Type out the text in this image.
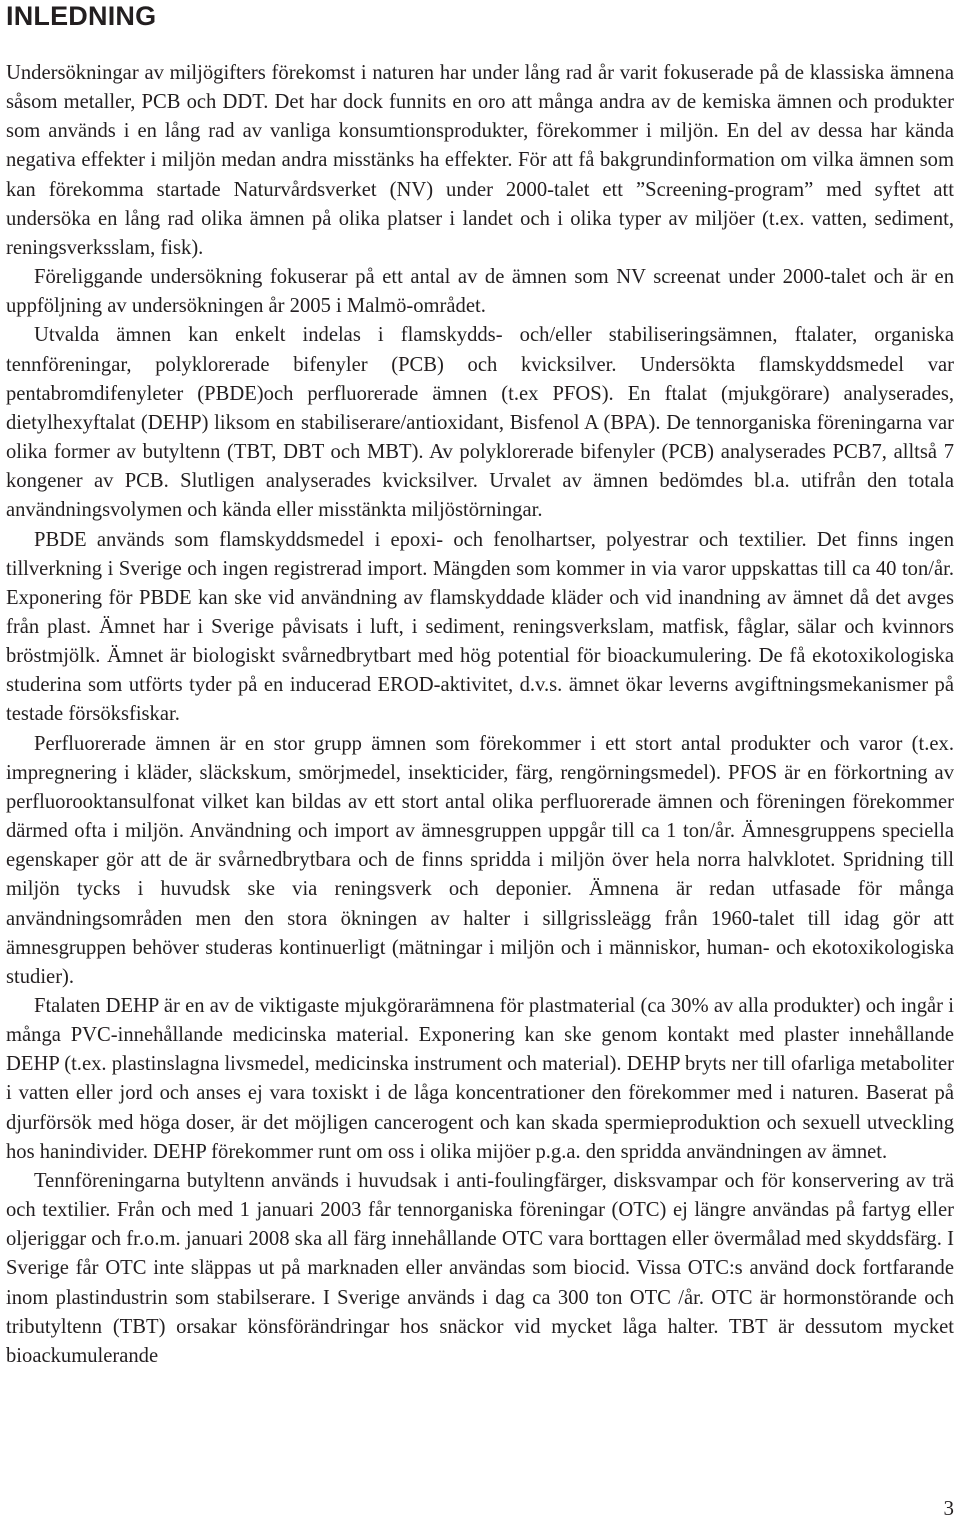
INLEDNING

Undersökningar av miljögifters förekomst i naturen har under lång rad år varit fokuserade på de klassiska ämnena såsom metaller, PCB och DDT. Det har dock funnits en oro att många andra av de kemiska ämnen och produkter som används i en lång rad av vanliga konsumtionsprodukter, förekommer i miljön. En del av dessa har kända negativa effekter i miljön medan andra misstänks ha effekter. För att få bakgrundinformation om vilka ämnen som kan förekomma startade Naturvårdsverket (NV) under 2000-talet ett ”Screening-program” med syftet att undersöka en lång rad olika ämnen på olika platser i landet och i olika typer av miljöer (t.ex. vatten, sediment, reningsverksslam, fisk).

Föreliggande undersökning fokuserar på ett antal av de ämnen som NV screenat under 2000-talet och är en uppföljning av undersökningen år 2005 i Malmö-området.

Utvalda ämnen kan enkelt indelas i flamskydds- och/eller stabiliseringsämnen, ftalater, organiska tennföreningar, polyklorerade bifenyler (PCB) och kvicksilver. Undersökta flamskyddsmedel var pentabromdifenyleter (PBDE)och perfluorerade ämnen (t.ex PFOS). En ftalat (mjukgörare) analyserades, dietylhexyftalat (DEHP) liksom en stabiliserare/antioxidant, Bisfenol A (BPA). De tennorganiska föreningarna var olika former av butyltenn (TBT, DBT och MBT). Av polyklorerade bifenyler (PCB) analyserades PCB7, alltså 7 kongener av PCB. Slutligen analyserades kvicksilver. Urvalet av ämnen bedömdes bl.a. utifrån den totala användningsvolymen och kända eller misstänkta miljöstörningar.

PBDE används som flamskyddsmedel i epoxi- och fenolhartser, polyestrar och textilier. Det finns ingen tillverkning i Sverige och ingen registrerad import. Mängden som kommer in via varor uppskattas till ca 40 ton/år. Exponering för PBDE kan ske vid användning av flamskyddade kläder och vid inandning av ämnet då det avges från plast. Ämnet har i Sverige påvisats i luft, i sediment, reningsverkslam, matfisk, fåglar, sälar och kvinnors bröstmjölk. Ämnet är biologiskt svårnedbrytbart med hög potential för bioackumulering. De få ekotoxikologiska studerina som utförts tyder på en inducerad EROD-aktivitet, d.v.s. ämnet ökar leverns avgiftningsmekanismer på testade försöksfiskar.

Perfluorerade ämnen är en stor grupp ämnen som förekommer i ett stort antal produkter och varor (t.ex. impregnering i kläder, släckskum, smörjmedel, insekticider, färg, rengörningsmedel). PFOS är en förkortning av perfluorooktansulfonat vilket kan bildas av ett stort antal olika perfluorerade ämnen och föreningen förekommer därmed ofta i miljön. Användning och import av ämnesgruppen uppgår till ca 1 ton/år. Ämnesgruppens speciella egenskaper gör att de är svårnedbrytbara och de finns spridda i miljön över hela norra halvklotet. Spridning till miljön tycks i huvudsk ske via reningsverk och deponier. Ämnena är redan utfasade för många användningsområden men den stora ökningen av halter i sillgrissleägg från 1960-talet till idag gör att ämnesgruppen behöver studeras kontinuerligt (mätningar i miljön och i människor, human- och ekotoxikologiska studier).

Ftalaten DEHP är en av de viktigaste mjukgörarämnena för plastmaterial (ca 30% av alla produkter) och ingår i många PVC-innehållande medicinska material. Exponering kan ske genom kontakt med plaster innehållande DEHP (t.ex. plastinslagna livsmedel, medicinska instrument och material). DEHP bryts ner till ofarliga metaboliter i vatten eller jord och anses ej vara toxiskt i de låga koncentrationer den förekommer med i naturen. Baserat på djurförsök med höga doser, är det möjligen cancerogent och kan skada spermieproduktion och sexuell utveckling hos hanindivider. DEHP förekommer runt om oss i olika mijöer p.g.a. den spridda användningen av ämnet.

Tennföreningarna butyltenn används i huvudsak i anti-foulingfärger, disksvampar och för konservering av trä och textilier. Från och med 1 januari 2003 får tennorganiska föreningar (OTC) ej längre användas på fartyg eller oljeriggar och fr.o.m. januari 2008 ska all färg innehållande OTC vara borttagen eller övermålad med skyddsfärg. I Sverige får OTC inte släppas ut på marknaden eller användas som biocid. Vissa OTC:s använd dock fortfarande inom plastindustrin som stabilserare. I Sverige används i dag ca 300 ton OTC /år. OTC är hormonstörande och tributyltenn (TBT) orsakar könsförändringar hos snäckor vid mycket låga halter. TBT är dessutom mycket bioackumulerande

3
